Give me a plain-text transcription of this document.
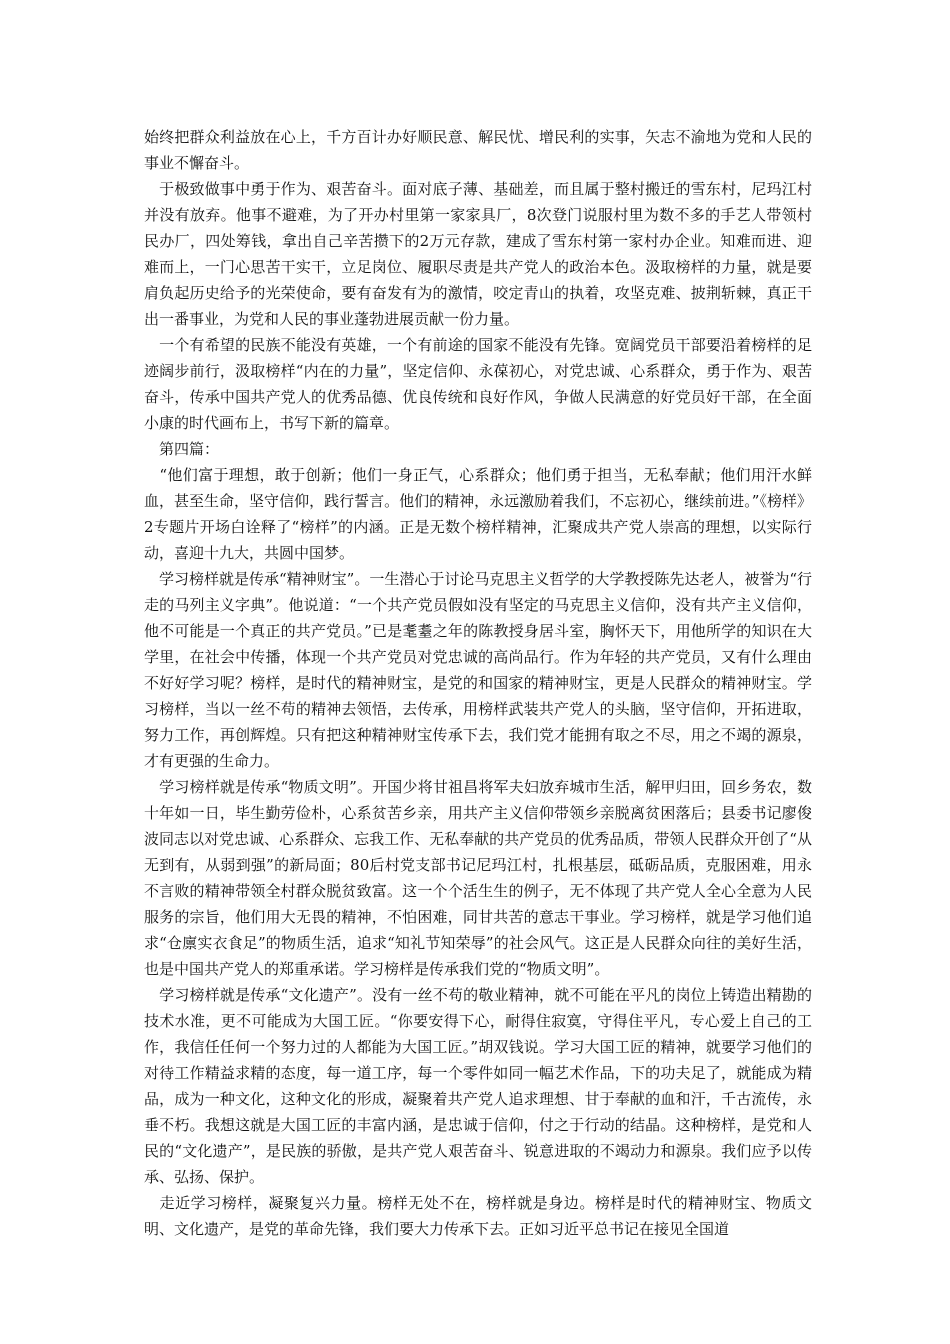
始终把群众利益放在心上，千方百计办好顺民意、解民忧、增民利的实事，矢志不渝地为党和人民的事业不懈奋斗。

　于极致做事中勇于作为、艰苦奋斗。面对底子薄、基础差，而且属于整村搬迁的雪东村，尼玛江村并没有放弃。他事不避难，为了开办村里第一家家具厂，8次登门说服村里为数不多的手艺人带领村民办厂，四处筹钱，拿出自己辛苦攒下的2万元存款，建成了雪东村第一家村办企业。知难而进、迎难而上，一门心思苦干实干，立足岗位、履职尽责是共产党人的政治本色。汲取榜样的力量，就是要肩负起历史给予的光荣使命，要有奋发有为的激情，咬定青山的执着，攻坚克难、披荆斩棘，真正干出一番事业，为党和人民的事业蓬勃进展贡献一份力量。

　一个有希望的民族不能没有英雄，一个有前途的国家不能没有先锋。宽阔党员干部要沿着榜样的足迹阔步前行，汲取榜样“内在的力量”，坚定信仰、永葆初心，对党忠诚、心系群众，勇于作为、艰苦奋斗，传承中国共产党人的优秀品德、优良传统和良好作风，争做人民满意的好党员好干部，在全面小康的时代画布上，书写下新的篇章。

　第四篇：

　“他们富于理想，敢于创新；他们一身正气，心系群众；他们勇于担当，无私奉献；他们用汗水鲜血，甚至生命，坚守信仰，践行誓言。他们的精神，永远激励着我们，不忘初心，继续前进。”《榜样》2专题片开场白诠释了“榜样”的内涵。正是无数个榜样精神，汇聚成共产党人崇高的理想，以实际行动，喜迎十九大，共圆中国梦。

　学习榜样就是传承“精神财宝”。一生潜心于讨论马克思主义哲学的大学教授陈先达老人，被誉为“行走的马列主义字典”。他说道：“一个共产党员假如没有坚定的马克思主义信仰，没有共产主义信仰，他不可能是一个真正的共产党员。”已是耄耋之年的陈教授身居斗室，胸怀天下，用他所学的知识在大学里，在社会中传播，体现一个共产党员对党忠诚的高尚品行。作为年轻的共产党员，又有什么理由不好好学习呢？榜样，是时代的精神财宝，是党的和国家的精神财宝，更是人民群众的精神财宝。学习榜样，当以一丝不苟的精神去领悟，去传承，用榜样武装共产党人的头脑，坚守信仰，开拓进取，努力工作，再创辉煌。只有把这种精神财宝传承下去，我们党才能拥有取之不尽，用之不竭的源泉，才有更强的生命力。

　学习榜样就是传承“物质文明”。开国少将甘祖昌将军夫妇放弃城市生活，解甲归田，回乡务农，数十年如一日，毕生勤劳俭朴，心系贫苦乡亲，用共产主义信仰带领乡亲脱离贫困落后；县委书记廖俊波同志以对党忠诚、心系群众、忘我工作、无私奉献的共产党员的优秀品质，带领人民群众开创了“从无到有，从弱到强”的新局面；80后村党支部书记尼玛江村，扎根基层，砥砺品质，克服困难，用永不言败的精神带领全村群众脱贫致富。这一个个活生生的例子，无不体现了共产党人全心全意为人民服务的宗旨，他们用大无畏的精神，不怕困难，同甘共苦的意志干事业。学习榜样，就是学习他们追求“仓廪实衣食足”的物质生活，追求“知礼节知荣辱”的社会风气。这正是人民群众向往的美好生活，也是中国共产党人的郑重承诺。学习榜样是传承我们党的“物质文明”。

　学习榜样就是传承“文化遗产”。没有一丝不苟的敬业精神，就不可能在平凡的岗位上铸造出精勘的技术水准，更不可能成为大国工匠。“你要安得下心，耐得住寂寞，守得住平凡，专心爱上自己的工作，我信任任何一个努力过的人都能为大国工匠。”胡双钱说。学习大国工匠的精神，就要学习他们的对待工作精益求精的态度，每一道工序，每一个零件如同一幅艺术作品，下的功夫足了，就能成为精品，成为一种文化，这种文化的形成，凝聚着共产党人追求理想、甘于奉献的血和汗，千古流传，永垂不朽。我想这就是大国工匠的丰富内涵，是忠诚于信仰，付之于行动的结晶。这种榜样，是党和人民的“文化遗产”，是民族的骄傲，是共产党人艰苦奋斗、锐意进取的不竭动力和源泉。我们应予以传承、弘扬、保护。

　走近学习榜样，凝聚复兴力量。榜样无处不在，榜样就是身边。榜样是时代的精神财宝、物质文明、文化遗产，是党的革命先锋，我们要大力传承下去。正如习近平总书记在接见全国道
